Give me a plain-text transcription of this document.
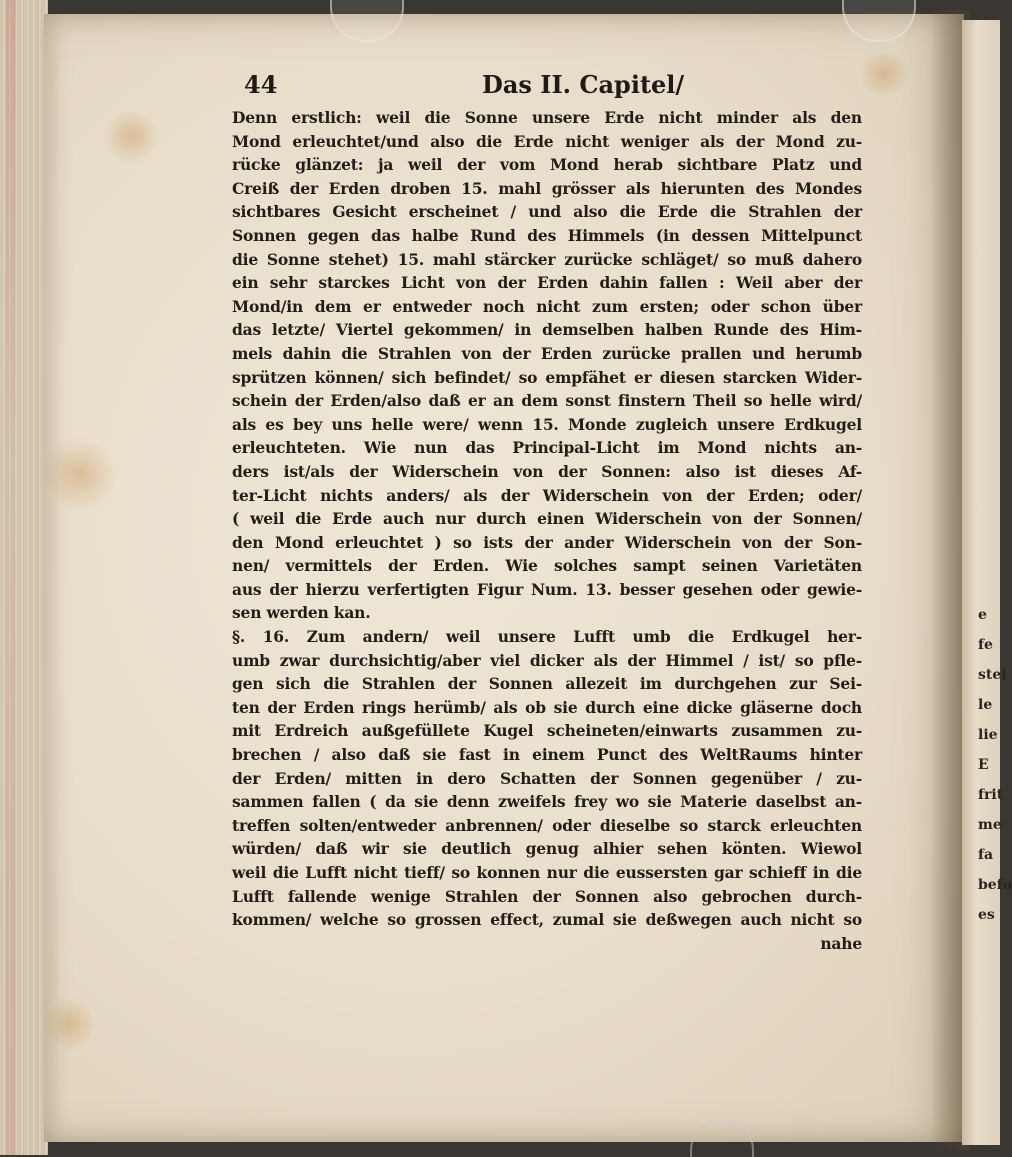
e
fe
stel
le
lie
E
frit
me
fa
befo
es
44	Das II. Capitel/
Denn erstlich: weil die Sonne unsere Erde nicht minder als den
Mond erleuchtet/und also die Erde nicht weniger als der Mond zu-
rücke glänzet: ja weil der vom Mond herab sichtbare Platz und
Creiß der Erden droben 15. mahl grösser als hierunten des Mondes
sichtbares Gesicht erscheinet / und also die Erde die Strahlen der
Sonnen gegen das halbe Rund des Himmels (in dessen Mittelpunct
die Sonne stehet) 15. mahl stärcker zurücke schläget/ so muß dahero
ein sehr starckes Licht von der Erden dahin fallen : Weil aber der
Mond/in dem er entweder noch nicht zum ersten; oder schon über
das letzte/ Viertel gekommen/ in demselben halben Runde des Him-
mels dahin die Strahlen von der Erden zurücke prallen und herumb
sprützen können/ sich befindet/ so empfähet er diesen starcken Wider-
schein der Erden/also daß er an dem sonst finstern Theil so helle wird/
als es bey uns helle were/ wenn 15. Monde zugleich unsere Erdkugel
erleuchteten. Wie nun das Principal-Licht im Mond nichts an-
ders ist/als der Widerschein von der Sonnen: also ist dieses Af-
ter-Licht nichts anders/ als der Widerschein von der Erden; oder/
( weil die Erde auch nur durch einen Widerschein von der Sonnen/
den Mond erleuchtet ) so ists der ander Widerschein von der Son-
nen/ vermittels der Erden. Wie solches sampt seinen Varietäten
aus der hierzu verfertigten Figur Num. 13. besser gesehen oder gewie-
sen werden kan.
§. 16. Zum andern/ weil unsere Lufft umb die Erdkugel her-
umb zwar durchsichtig/aber viel dicker als der Himmel / ist/ so pfle-
gen sich die Strahlen der Sonnen allezeit im durchgehen zur Sei-
ten der Erden rings herümb/ als ob sie durch eine dicke gläserne doch
mit Erdreich außgefüllete Kugel scheineten/einwarts zusammen zu-
brechen / also daß sie fast in einem Punct des WeltRaums hinter
der Erden/ mitten in dero Schatten der Sonnen gegenüber / zu-
sammen fallen ( da sie denn zweifels frey wo sie Materie daselbst an-
treffen solten/entweder anbrennen/ oder dieselbe so starck erleuchten
würden/ daß wir sie deutlich genug alhier sehen könten. Wiewol
weil die Lufft nicht tieff/ so konnen nur die eussersten gar schieff in die
Lufft fallende wenige Strahlen der Sonnen also gebrochen durch-
kommen/ welche so grossen effect, zumal sie deßwegen auch nicht so
nahe
